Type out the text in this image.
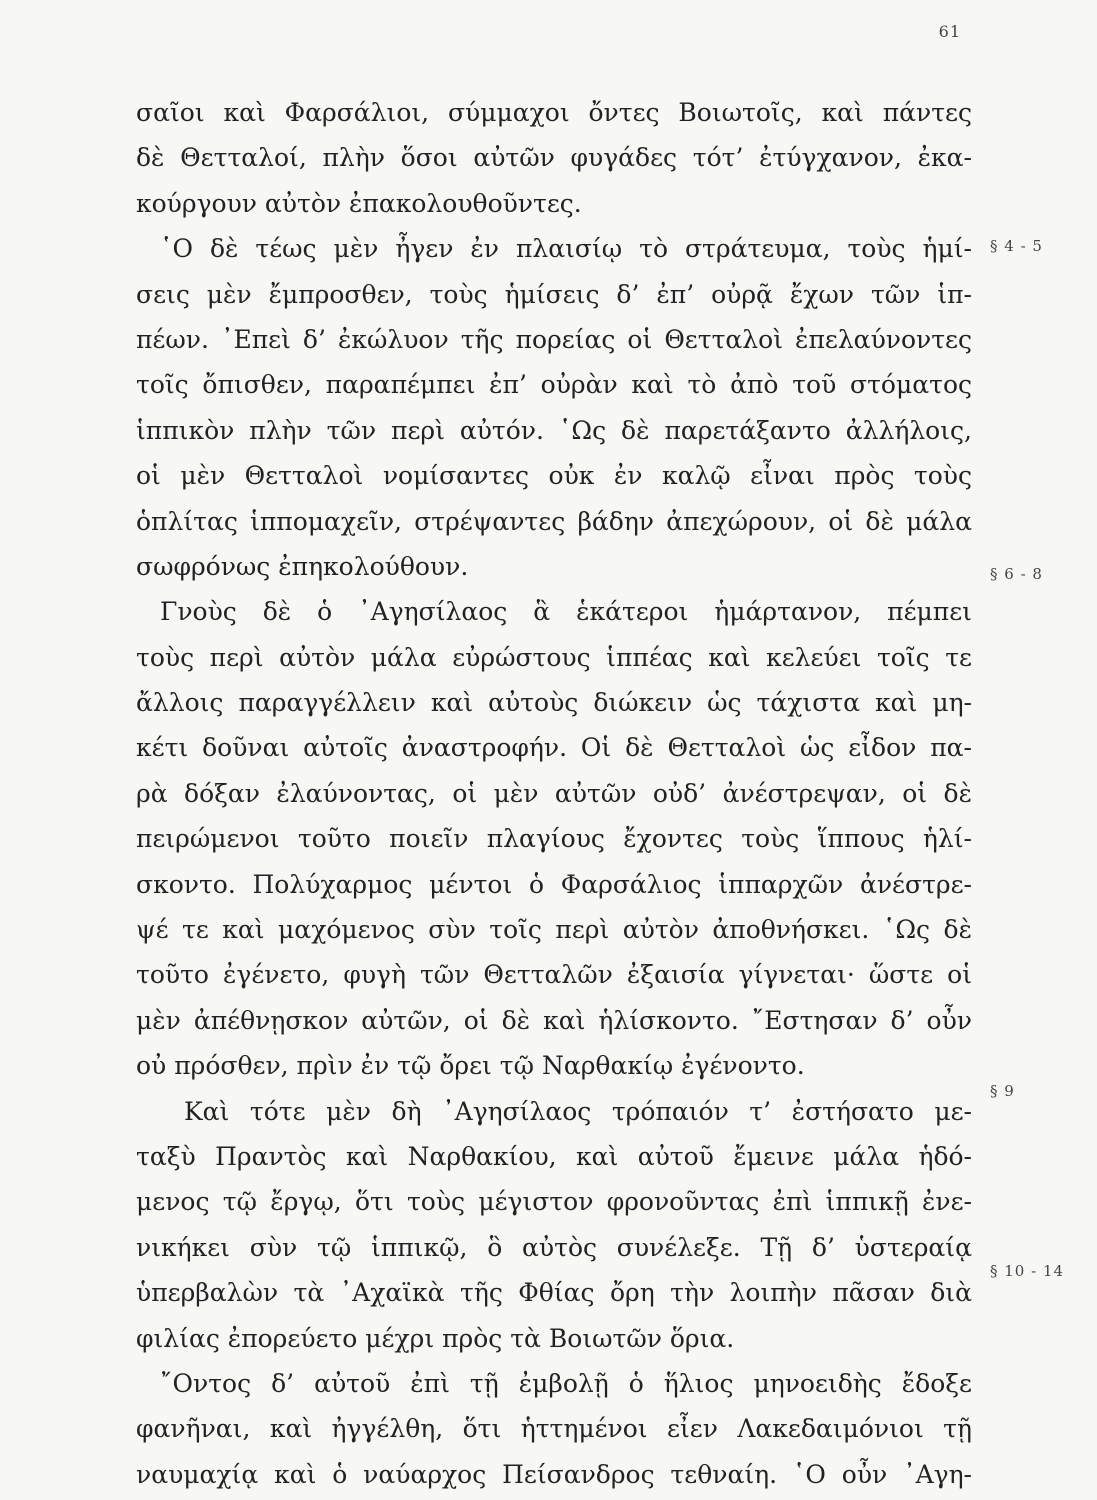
61
σαῖοι καὶ Φαρσάλιοι, σύμμαχοι ὄντες Βοιωτοῖς, καὶ πάντες
δὲ Θετταλοί, πλὴν ὅσοι αὐτῶν φυγάδες τότ’ ἐτύγχανον, ἐκα-
κούργουν αὐτὸν ἐπακολουθοῦντες.
῾Ο δὲ τέως μὲν ἦγεν ἐν πλαισίῳ τὸ στράτευμα, τοὺς ἡμί-
σεις μὲν ἔμπροσθεν, τοὺς ἡμίσεις δ’ ἐπ’ οὐρᾷ ἔχων τῶν ἱπ-
πέων. ᾿Επεὶ δ’ ἐκώλυον τῆς πορείας οἱ Θετταλοὶ ἐπελαύνοντες
τοῖς ὄπισθεν, παραπέμπει ἐπ’ οὐρὰν καὶ τὸ ἀπὸ τοῦ στόματος
ἱππικὸν πλὴν τῶν περὶ αὐτόν. ῾Ως δὲ παρετάξαντο ἀλλήλοις,
οἱ μὲν Θετταλοὶ νομίσαντες οὐκ ἐν καλῷ εἶναι πρὸς τοὺς
ὁπλίτας ἱππομαχεῖν, στρέψαντες βάδην ἀπεχώρουν, οἱ δὲ μάλα
σωφρόνως ἐπηκολούθουν.
Γνοὺς δὲ ὁ ᾿Αγησίλαος ἃ ἑκάτεροι ἡμάρτανον, πέμπει
τοὺς περὶ αὐτὸν μάλα εὐρώστους ἱππέας καὶ κελεύει τοῖς τε
ἄλλοις παραγγέλλειν καὶ αὐτοὺς διώκειν ὡς τάχιστα καὶ μη-
κέτι δοῦναι αὐτοῖς ἀναστροφήν. Οἱ δὲ Θετταλοὶ ὡς εἶδον πα-
ρὰ δόξαν ἐλαύνοντας, οἱ μὲν αὐτῶν οὐδ’ ἀνέστρεψαν, οἱ δὲ
πειρώμενοι τοῦτο ποιεῖν πλαγίους ἔχοντες τοὺς ἵππους ἡλί-
σκοντο. Πολύχαρμος μέντοι ὁ Φαρσάλιος ἱππαρχῶν ἀνέστρε-
ψέ τε καὶ μαχόμενος σὺν τοῖς περὶ αὐτὸν ἀποθνήσκει. ῾Ως δὲ
τοῦτο ἐγένετο, φυγὴ τῶν Θετταλῶν ἐξαισία γίγνεται· ὥστε οἱ
μὲν ἀπέθνῃσκον αὐτῶν, οἱ δὲ καὶ ἡλίσκοντο. ῎Εστησαν δ’ οὖν
οὐ πρόσθεν, πρὶν ἐν τῷ ὄρει τῷ Ναρθακίῳ ἐγένοντο.
Καὶ τότε μὲν δὴ ᾿Αγησίλαος τρόπαιόν τ’ ἐστήσατο με-
ταξὺ Πραντὸς καὶ Ναρθακίου, καὶ αὐτοῦ ἔμεινε μάλα ἡδό-
μενος τῷ ἔργῳ, ὅτι τοὺς μέγιστον φρονοῦντας ἐπὶ ἱππικῇ ἐνε-
νικήκει σὺν τῷ ἱππικῷ, ὃ αὐτὸς συνέλεξε. Τῇ δ’ ὑστεραίᾳ
ὑπερβαλὼν τὰ ᾿Αχαϊκὰ τῆς Φθίας ὄρη τὴν λοιπὴν πᾶσαν διὰ
φιλίας ἐπορεύετο μέχρι πρὸς τὰ Βοιωτῶν ὅρια.
῎Οντος δ’ αὐτοῦ ἐπὶ τῇ ἐμβολῇ ὁ ἥλιος μηνοειδὴς ἔδοξε
φανῆναι, καὶ ἠγγέλθη, ὅτι ἡττημένοι εἶεν Λακεδαιμόνιοι τῇ
ναυμαχίᾳ καὶ ὁ ναύαρχος Πείσανδρος τεθναίη. ῾Ο οὖν ᾿Αγη-
§ 4 - 5
§ 6 - 8
§ 9
§ 10 - 14
